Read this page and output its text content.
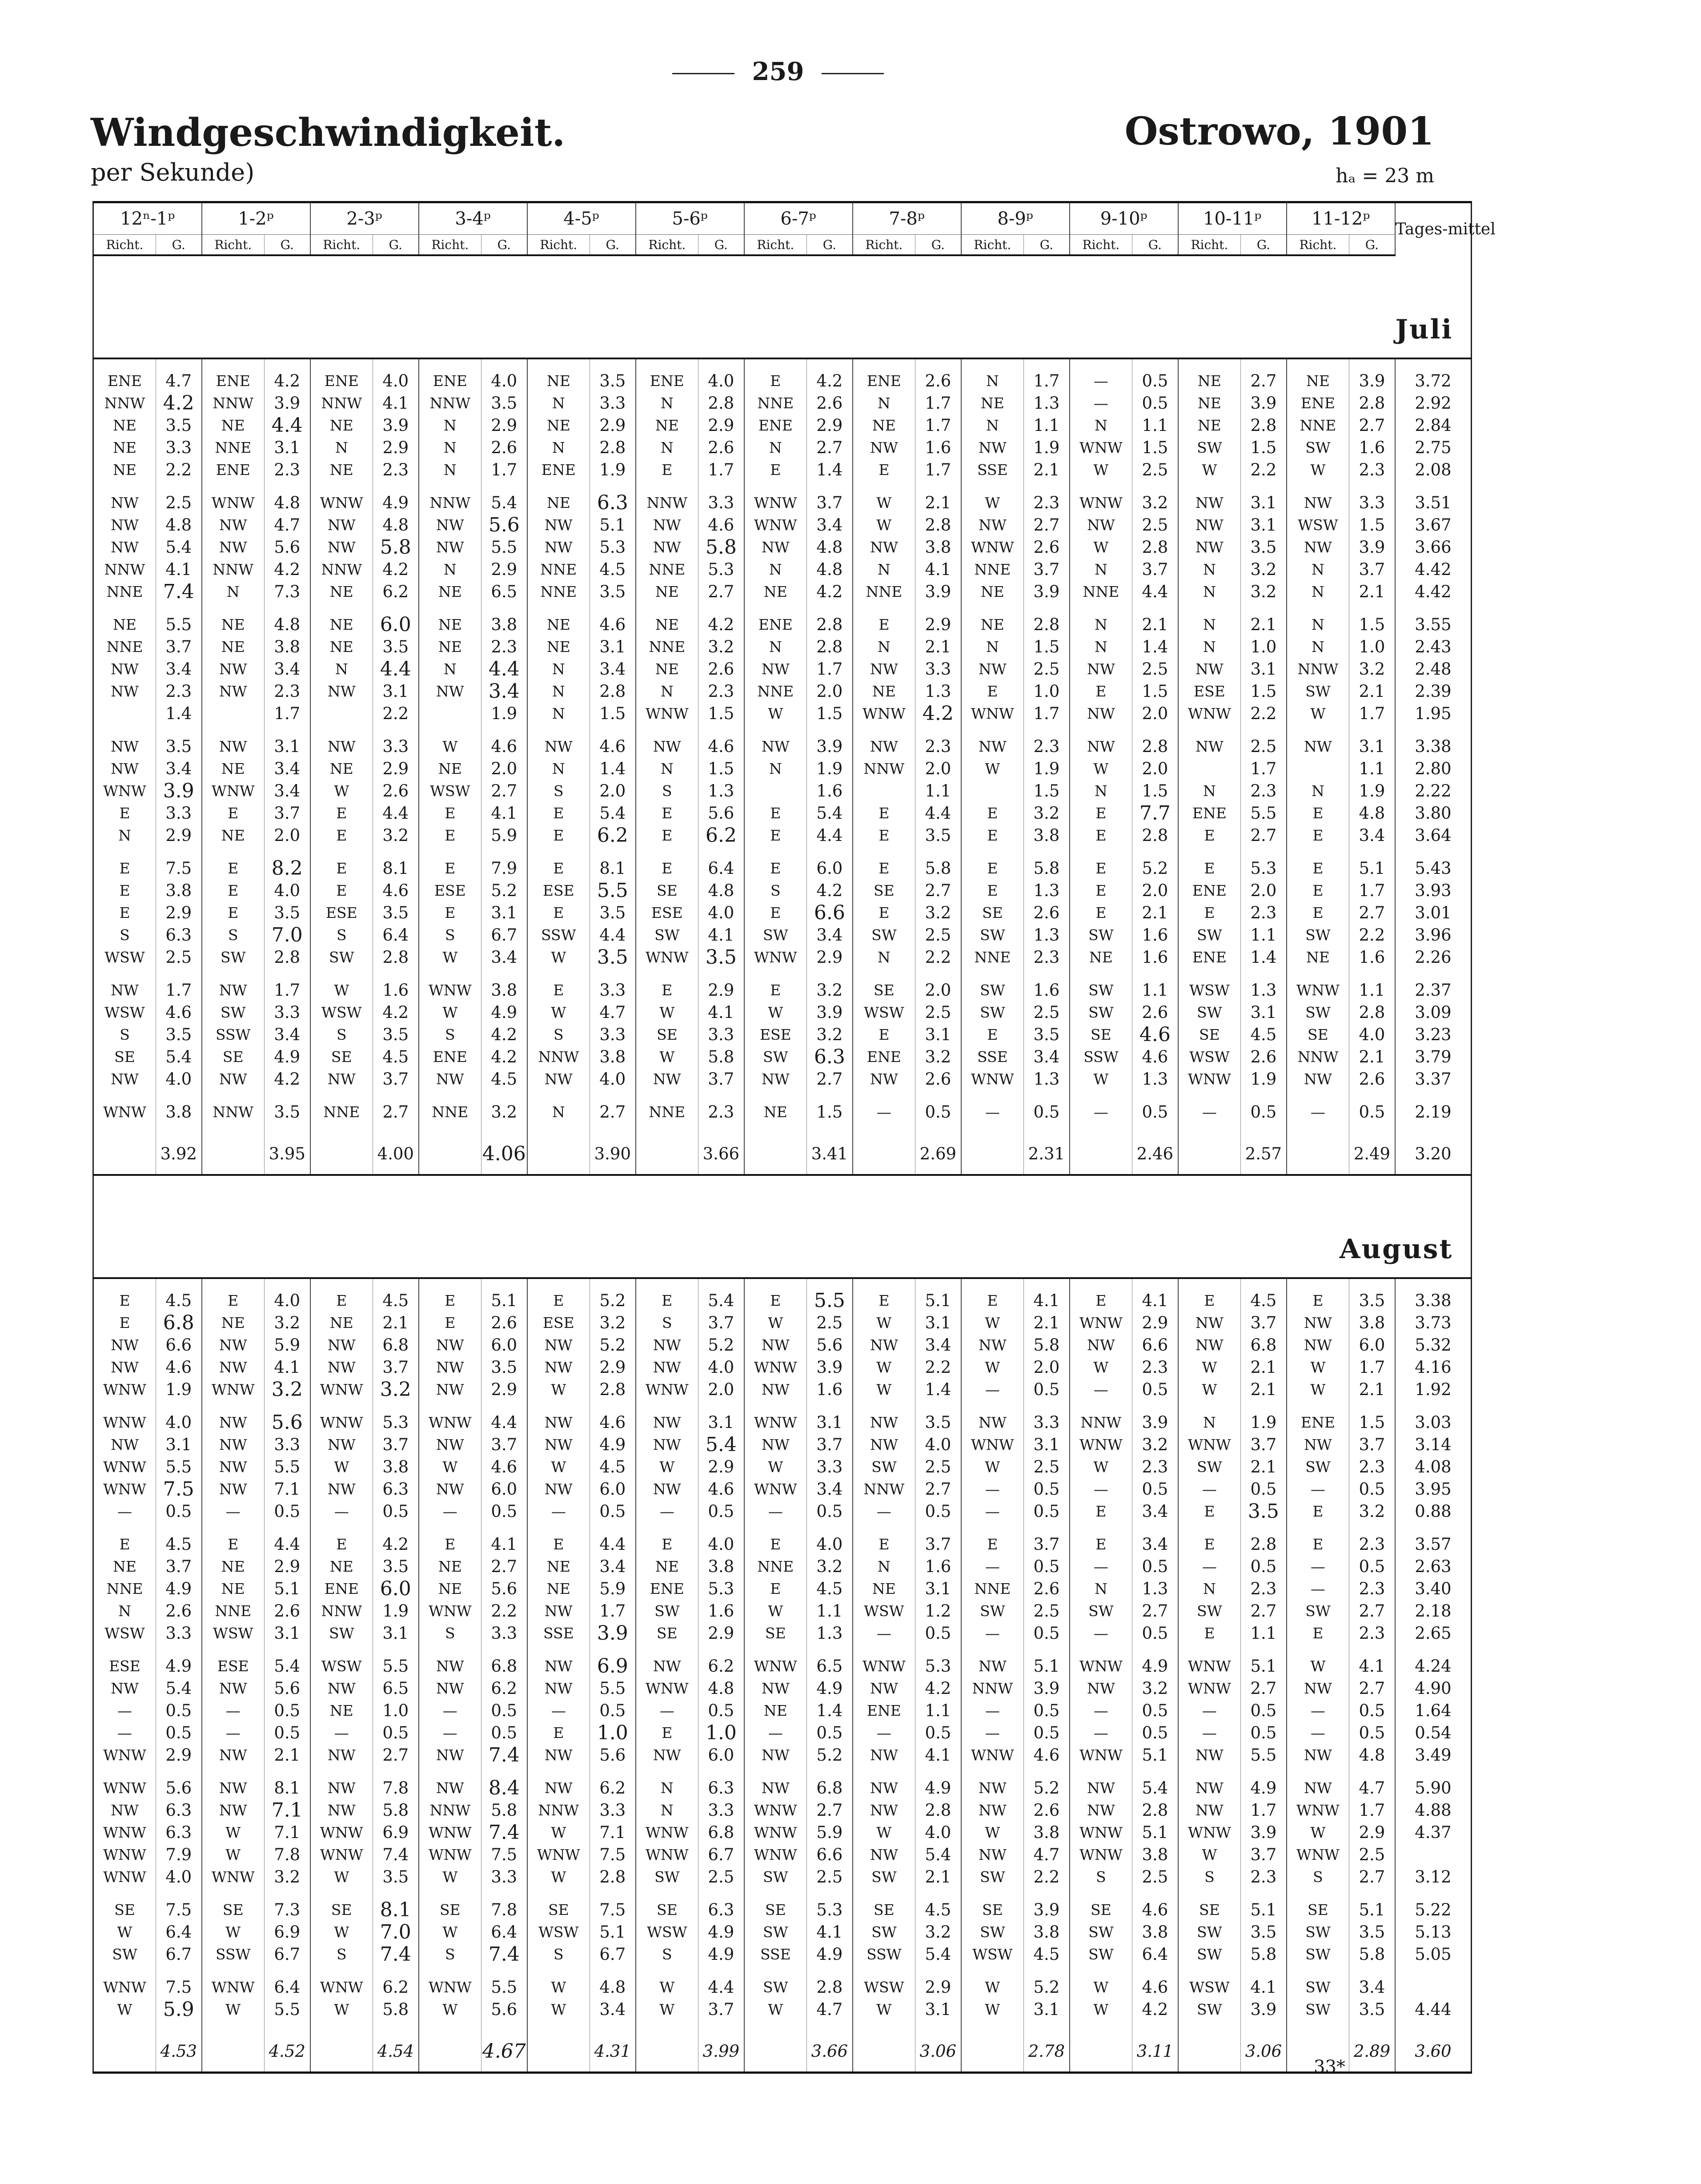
259
Windgeschwindigkeit.
per Sekunde)
Ostrowo, 1901
hₐ = 23 m
12ⁿ-1ᵖ		1-2ᵖ		2-3ᵖ		3-4ᵖ		4-5ᵖ		5-6ᵖ		6-7ᵖ		7-8ᵖ		8-9ᵖ		9-10ᵖ		10-11ᵖ		11-12ᵖ		Tages-mittel
Richt.	G.	Richt.	G.	Richt.	G.	Richt.	G.	Richt.	G.	Richt.	G.	Richt.	G.	Richt.	G.	Richt.	G.	Richt.	G.	Richt.	G.	Richt.	G.	
Juli																								

ENE	4.7	ENE	4.2	ENE	4.0	ENE	4.0	NE	3.5	ENE	4.0	E	4.2	ENE	2.6	N	1.7	—	0.5	NE	2.7	NE	3.9	3.72
NNW	4.2	NNW	3.9	NNW	4.1	NNW	3.5	N	3.3	N	2.8	NNE	2.6	N	1.7	NE	1.3	—	0.5	NE	3.9	ENE	2.8	2.92
NE	3.5	NE	4.4	NE	3.9	N	2.9	NE	2.9	NE	2.9	ENE	2.9	NE	1.7	N	1.1	N	1.1	NE	2.8	NNE	2.7	2.84
NE	3.3	NNE	3.1	N	2.9	N	2.6	N	2.8	N	2.6	N	2.7	NW	1.6	NW	1.9	WNW	1.5	SW	1.5	SW	1.6	2.75
NE	2.2	ENE	2.3	NE	2.3	N	1.7	ENE	1.9	E	1.7	E	1.4	E	1.7	SSE	2.1	W	2.5	W	2.2	W	2.3	2.08

NW	2.5	WNW	4.8	WNW	4.9	NNW	5.4	NE	6.3	NNW	3.3	WNW	3.7	W	2.1	W	2.3	WNW	3.2	NW	3.1	NW	3.3	3.51
NW	4.8	NW	4.7	NW	4.8	NW	5.6	NW	5.1	NW	4.6	WNW	3.4	W	2.8	NW	2.7	NW	2.5	NW	3.1	WSW	1.5	3.67
NW	5.4	NW	5.6	NW	5.8	NW	5.5	NW	5.3	NW	5.8	NW	4.8	NW	3.8	WNW	2.6	W	2.8	NW	3.5	NW	3.9	3.66
NNW	4.1	NNW	4.2	NNW	4.2	N	2.9	NNE	4.5	NNE	5.3	N	4.8	N	4.1	NNE	3.7	N	3.7	N	3.2	N	3.7	4.42
NNE	7.4	N	7.3	NE	6.2	NE	6.5	NNE	3.5	NE	2.7	NE	4.2	NNE	3.9	NE	3.9	NNE	4.4	N	3.2	N	2.1	4.42

NE	5.5	NE	4.8	NE	6.0	NE	3.8	NE	4.6	NE	4.2	ENE	2.8	E	2.9	NE	2.8	N	2.1	N	2.1	N	1.5	3.55
NNE	3.7	NE	3.8	NE	3.5	NE	2.3	NE	3.1	NNE	3.2	N	2.8	N	2.1	N	1.5	N	1.4	N	1.0	N	1.0	2.43
NW	3.4	NW	3.4	N	4.4	N	4.4	N	3.4	NE	2.6	NW	1.7	NW	3.3	NW	2.5	NW	2.5	NW	3.1	NNW	3.2	2.48
NW	2.3	NW	2.3	NW	3.1	NW	3.4	N	2.8	N	2.3	NNE	2.0	NE	1.3	E	1.0	E	1.5	ESE	1.5	SW	2.1	2.39
	1.4		1.7		2.2		1.9	N	1.5	WNW	1.5	W	1.5	WNW	4.2	WNW	1.7	NW	2.0	WNW	2.2	W	1.7	1.95

NW	3.5	NW	3.1	NW	3.3	W	4.6	NW	4.6	NW	4.6	NW	3.9	NW	2.3	NW	2.3	NW	2.8	NW	2.5	NW	3.1	3.38
NW	3.4	NE	3.4	NE	2.9	NE	2.0	N	1.4	N	1.5	N	1.9	NNW	2.0	W	1.9	W	2.0		1.7		1.1	2.80
WNW	3.9	WNW	3.4	W	2.6	WSW	2.7	S	2.0	S	1.3		1.6		1.1		1.5	N	1.5	N	2.3	N	1.9	2.22
E	3.3	E	3.7	E	4.4	E	4.1	E	5.4	E	5.6	E	5.4	E	4.4	E	3.2	E	7.7	ENE	5.5	E	4.8	3.80
N	2.9	NE	2.0	E	3.2	E	5.9	E	6.2	E	6.2	E	4.4	E	3.5	E	3.8	E	2.8	E	2.7	E	3.4	3.64

E	7.5	E	8.2	E	8.1	E	7.9	E	8.1	E	6.4	E	6.0	E	5.8	E	5.8	E	5.2	E	5.3	E	5.1	5.43
E	3.8	E	4.0	E	4.6	ESE	5.2	ESE	5.5	SE	4.8	S	4.2	SE	2.7	E	1.3	E	2.0	ENE	2.0	E	1.7	3.93
E	2.9	E	3.5	ESE	3.5	E	3.1	E	3.5	ESE	4.0	E	6.6	E	3.2	SE	2.6	E	2.1	E	2.3	E	2.7	3.01
S	6.3	S	7.0	S	6.4	S	6.7	SSW	4.4	SW	4.1	SW	3.4	SW	2.5	SW	1.3	SW	1.6	SW	1.1	SW	2.2	3.96
WSW	2.5	SW	2.8	SW	2.8	W	3.4	W	3.5	WNW	3.5	WNW	2.9	N	2.2	NNE	2.3	NE	1.6	ENE	1.4	NE	1.6	2.26

NW	1.7	NW	1.7	W	1.6	WNW	3.8	E	3.3	E	2.9	E	3.2	SE	2.0	SW	1.6	SW	1.1	WSW	1.3	WNW	1.1	2.37
WSW	4.6	SW	3.3	WSW	4.2	W	4.9	W	4.7	W	4.1	W	3.9	WSW	2.5	SW	2.5	SW	2.6	SW	3.1	SW	2.8	3.09
S	3.5	SSW	3.4	S	3.5	S	4.2	S	3.3	SE	3.3	ESE	3.2	E	3.1	E	3.5	SE	4.6	SE	4.5	SE	4.0	3.23
SE	5.4	SE	4.9	SE	4.5	ENE	4.2	NNW	3.8	W	5.8	SW	6.3	ENE	3.2	SSE	3.4	SSW	4.6	WSW	2.6	NNW	2.1	3.79
NW	4.0	NW	4.2	NW	3.7	NW	4.5	NW	4.0	NW	3.7	NW	2.7	NW	2.6	WNW	1.3	W	1.3	WNW	1.9	NW	2.6	3.37

WNW	3.8	NNW	3.5	NNE	2.7	NNE	3.2	N	2.7	NNE	2.3	NE	1.5	—	0.5	—	0.5	—	0.5	—	0.5	—	0.5	2.19

	3.92		3.95		4.00		4.06		3.90		3.66		3.41		2.69		2.31		2.46		2.57		2.49	3.20
August																								

E	4.5	E	4.0	E	4.5	E	5.1	E	5.2	E	5.4	E	5.5	E	5.1	E	4.1	E	4.1	E	4.5	E	3.5	3.38
E	6.8	NE	3.2	NE	2.1	E	2.6	ESE	3.2	S	3.7	W	2.5	W	3.1	W	2.1	WNW	2.9	NW	3.7	NW	3.8	3.73
NW	6.6	NW	5.9	NW	6.8	NW	6.0	NW	5.2	NW	5.2	NW	5.6	NW	3.4	NW	5.8	NW	6.6	NW	6.8	NW	6.0	5.32
NW	4.6	NW	4.1	NW	3.7	NW	3.5	NW	2.9	NW	4.0	WNW	3.9	W	2.2	W	2.0	W	2.3	W	2.1	W	1.7	4.16
WNW	1.9	WNW	3.2	WNW	3.2	NW	2.9	W	2.8	WNW	2.0	NW	1.6	W	1.4	—	0.5	—	0.5	W	2.1	W	2.1	1.92

WNW	4.0	NW	5.6	WNW	5.3	WNW	4.4	NW	4.6	NW	3.1	WNW	3.1	NW	3.5	NW	3.3	NNW	3.9	N	1.9	ENE	1.5	3.03
NW	3.1	NW	3.3	NW	3.7	NW	3.7	NW	4.9	NW	5.4	NW	3.7	NW	4.0	WNW	3.1	WNW	3.2	WNW	3.7	NW	3.7	3.14
WNW	5.5	NW	5.5	W	3.8	W	4.6	W	4.5	W	2.9	W	3.3	SW	2.5	W	2.5	W	2.3	SW	2.1	SW	2.3	4.08
WNW	7.5	NW	7.1	NW	6.3	NW	6.0	NW	6.0	NW	4.6	WNW	3.4	NNW	2.7	—	0.5	—	0.5	—	0.5	—	0.5	3.95
—	0.5	—	0.5	—	0.5	—	0.5	—	0.5	—	0.5	—	0.5	—	0.5	—	0.5	E	3.4	E	3.5	E	3.2	0.88

E	4.5	E	4.4	E	4.2	E	4.1	E	4.4	E	4.0	E	4.0	E	3.7	E	3.7	E	3.4	E	2.8	E	2.3	3.57
NE	3.7	NE	2.9	NE	3.5	NE	2.7	NE	3.4	NE	3.8	NNE	3.2	N	1.6	—	0.5	—	0.5	—	0.5	—	0.5	2.63
NNE	4.9	NE	5.1	ENE	6.0	NE	5.6	NE	5.9	ENE	5.3	E	4.5	NE	3.1	NNE	2.6	N	1.3	N	2.3	—	2.3	3.40
N	2.6	NNE	2.6	NNW	1.9	WNW	2.2	NW	1.7	SW	1.6	W	1.1	WSW	1.2	SW	2.5	SW	2.7	SW	2.7	SW	2.7	2.18
WSW	3.3	WSW	3.1	SW	3.1	S	3.3	SSE	3.9	SE	2.9	SE	1.3	—	0.5	—	0.5	—	0.5	E	1.1	E	2.3	2.65

ESE	4.9	ESE	5.4	WSW	5.5	NW	6.8	NW	6.9	NW	6.2	WNW	6.5	WNW	5.3	NW	5.1	WNW	4.9	WNW	5.1	W	4.1	4.24
NW	5.4	NW	5.6	NW	6.5	NW	6.2	NW	5.5	WNW	4.8	NW	4.9	NW	4.2	NNW	3.9	NW	3.2	WNW	2.7	NW	2.7	4.90
—	0.5	—	0.5	NE	1.0	—	0.5	—	0.5	—	0.5	NE	1.4	ENE	1.1	—	0.5	—	0.5	—	0.5	—	0.5	1.64
—	0.5	—	0.5	—	0.5	—	0.5	E	1.0	E	1.0	—	0.5	—	0.5	—	0.5	—	0.5	—	0.5	—	0.5	0.54
WNW	2.9	NW	2.1	NW	2.7	NW	7.4	NW	5.6	NW	6.0	NW	5.2	NW	4.1	WNW	4.6	WNW	5.1	NW	5.5	NW	4.8	3.49

WNW	5.6	NW	8.1	NW	7.8	NW	8.4	NW	6.2	N	6.3	NW	6.8	NW	4.9	NW	5.2	NW	5.4	NW	4.9	NW	4.7	5.90
NW	6.3	NW	7.1	NW	5.8	NNW	5.8	NNW	3.3	N	3.3	WNW	2.7	NW	2.8	NW	2.6	NW	2.8	NW	1.7	WNW	1.7	4.88
WNW	6.3	W	7.1	WNW	6.9	WNW	7.4	W	7.1	WNW	6.8	WNW	5.9	W	4.0	W	3.8	WNW	5.1	WNW	3.9	W	2.9	4.37
WNW	7.9	W	7.8	WNW	7.4	WNW	7.5	WNW	7.5	WNW	6.7	WNW	6.6	NW	5.4	NW	4.7	WNW	3.8	W	3.7	WNW	2.5	
WNW	4.0	WNW	3.2	W	3.5	W	3.3	W	2.8	SW	2.5	SW	2.5	SW	2.1	SW	2.2	S	2.5	S	2.3	S	2.7	3.12

SE	7.5	SE	7.3	SE	8.1	SE	7.8	SE	7.5	SE	6.3	SE	5.3	SE	4.5	SE	3.9	SE	4.6	SE	5.1	SE	5.1	5.22
W	6.4	W	6.9	W	7.0	W	6.4	WSW	5.1	WSW	4.9	SW	4.1	SW	3.2	SW	3.8	SW	3.8	SW	3.5	SW	3.5	5.13
SW	6.7	SSW	6.7	S	7.4	S	7.4	S	6.7	S	4.9	SSE	4.9	SSW	5.4	WSW	4.5	SW	6.4	SW	5.8	SW	5.8	5.05

WNW	7.5	WNW	6.4	WNW	6.2	WNW	5.5	W	4.8	W	4.4	SW	2.8	WSW	2.9	W	5.2	W	4.6	WSW	4.1	SW	3.4	
W	5.9	W	5.5	W	5.8	W	5.6	W	3.4	W	3.7	W	4.7	W	3.1	W	3.1	W	4.2	SW	3.9	SW	3.5	4.44

	4.53		4.52		4.54		4.67		4.31		3.99		3.66		3.06		2.78		3.11		3.06		2.89	3.60
33*
